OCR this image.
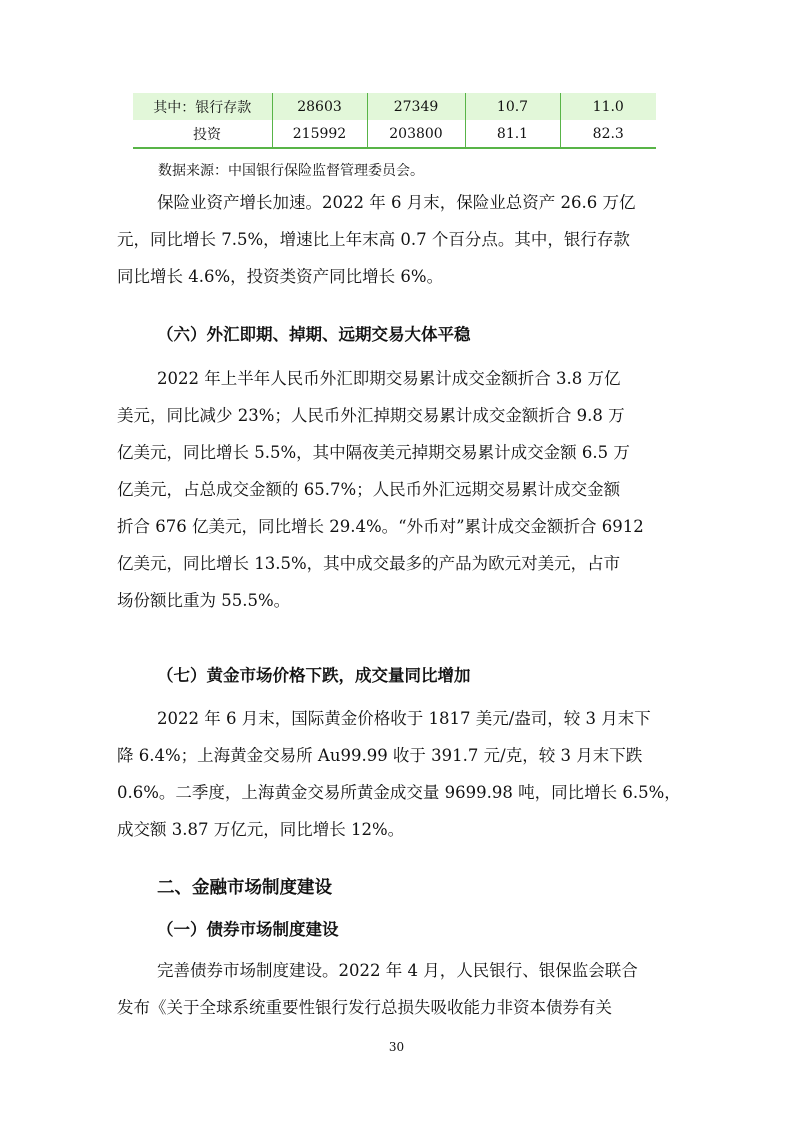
其中：银行存款	28603	27349	10.7	11.0
投资	215992	203800	81.1	82.3
数据来源：中国银行保险监督管理委员会。

保险业资产增长加速。2022 年 6 月末，保险业总资产 26.6 万亿
元，同比增长 7.5%，增速比上年末高 0.7 个百分点。其中，银行存款
同比增长 4.6%，投资类资产同比增长 6%。

（六）外汇即期、掉期、远期交易大体平稳

2022 年上半年人民币外汇即期交易累计成交金额折合 3.8 万亿
美元，同比减少 23%；人民币外汇掉期交易累计成交金额折合 9.8 万
亿美元，同比增长 5.5%，其中隔夜美元掉期交易累计成交金额 6.5 万
亿美元，占总成交金额的 65.7%；人民币外汇远期交易累计成交金额
折合 676 亿美元，同比增长 29.4%。“外币对”累计成交金额折合 6912
亿美元，同比增长 13.5%，其中成交最多的产品为欧元对美元，占市
场份额比重为 55.5%。

（七）黄金市场价格下跌，成交量同比增加

2022 年 6 月末，国际黄金价格收于 1817 美元/盎司，较 3 月末下
降 6.4%；上海黄金交易所 Au99.99 收于 391.7 元/克，较 3 月末下跌
0.6%。二季度，上海黄金交易所黄金成交量 9699.98 吨，同比增长 6.5%，
成交额 3.87 万亿元，同比增长 12%。

二、金融市场制度建设
（一）债券市场制度建设

完善债券市场制度建设。2022 年 4 月，人民银行、银保监会联合
发布《关于全球系统重要性银行发行总损失吸收能力非资本债券有关

30
